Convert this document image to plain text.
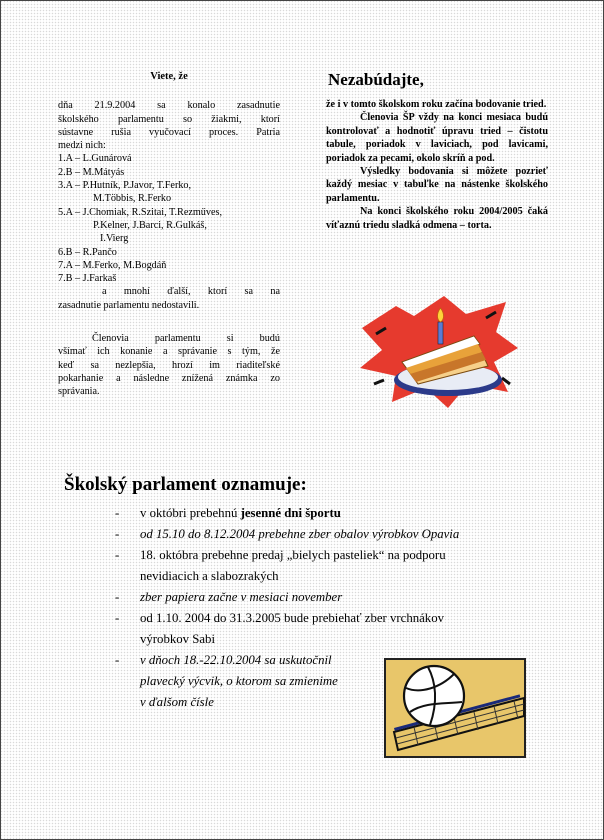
Viete, že
dňa 21.9.2004 sa konalo zasadnutie
školského parlamentu so žiakmi, ktorí
sústavne rušia vyučovací proces. Patria
medzi nich:
1.A – L.Gunárová
2.B – M.Mátyás
3.A – P.Hutník, P.Javor, T.Ferko,
M.Többis, R.Ferko
5.A – J.Chomiak, R.Szitai, T.Rezműves,
P.Kelner, J.Barci, R.Gulkáš,
I.Vierg
6.B – R.Pančo
7.A – M.Ferko, M.Bogdáň
7.B – J.Farkaš
a mnohí ďalší, ktorí sa na
zasadnutie parlamentu nedostavili.
Členovia parlamentu si budú
všímať ich konanie a správanie s tým, že
keď sa nezlepšia, hrozí im riaditeľské
pokarhanie a následne znížená známka zo
správania.
Nezabúdajte,

že i v tomto školskom roku začína bodovanie tried.

Členovia ŠP vždy na konci mesiaca budú kontrolovať a hodnotiť úpravu tried – čistotu tabule, poriadok v laviciach, pod lavicami, poriadok za pecami, okolo skríň a pod.

Výsledky bodovania si môžete pozrieť každý mesiac v tabuľke na nástenke školského parlamentu.

Na konci školského roku 2004/2005 čaká víťaznú triedu sladká odmena – torta.

Školský parlament oznamuje:
- v októbri prebehnú jesenné dni športu
- od 15.10 do 8.12.2004 prebehne zber obalov výrobkov Opavia
- 18. októbra prebehne predaj „bielych pasteliek“ na podporu
nevidiacich a slabozrakých
- zber papiera začne v mesiaci november
- od 1.10. 2004 do 31.3.2005 bude prebiehať zber vrchnákov
výrobkov Sabi
- v dňoch 18.-22.10.2004 sa uskutočnil
plavecký výcvik, o ktorom sa zmienime
v ďalšom čísle
